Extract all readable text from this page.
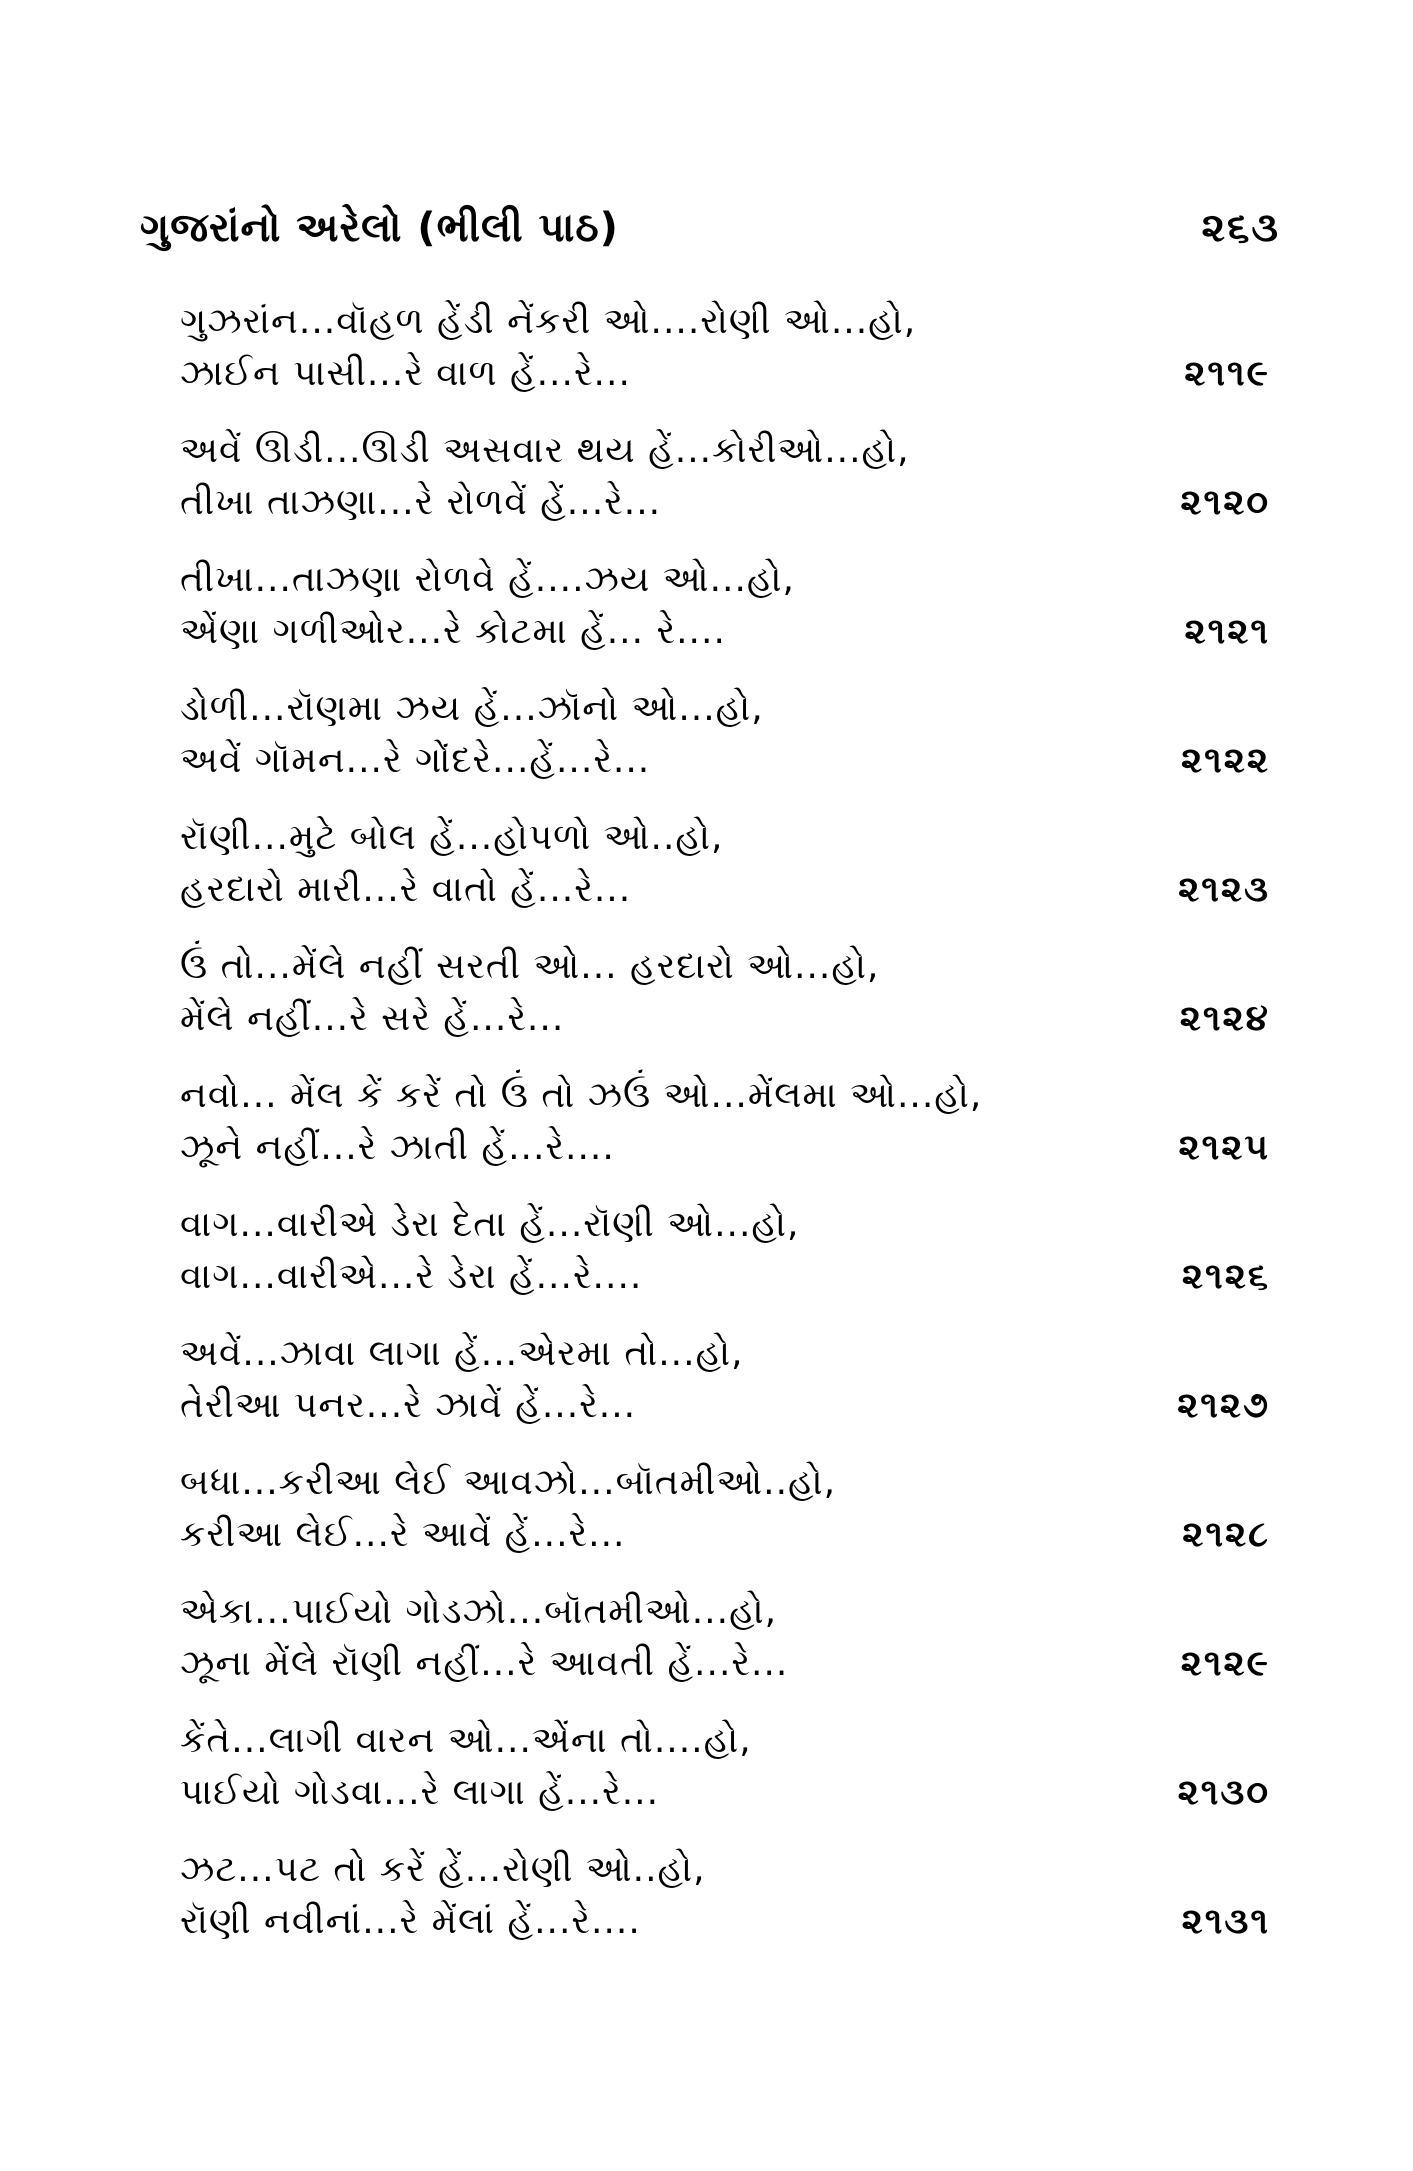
ગુજરાંનો અરેલો (ભીલી પાઠ)	૨૬૩
ગુઝરાંન...વૉહળ હેંડી નેંકરી ઓ....રોણી ઓ...હો,
ઝાઈન પાસી...રે વાળ હેં...રે...	૨૧૧૯
અવેં ઊડી...ઊડી અસવાર થય હેં...કોરીઓ...હો,
તીખા તાઝણા...રે રોળવેં હેં...રે...	૨૧૨૦
તીખા...તાઝણા રોળવે હેં....ઝય ઓ...હો,
એંણા ગળીઓર...રે કોટમા હેં... રે....	૨૧૨૧
ડોળી...રૉણમા ઝય હેં...ઝૉનો ઓ...હો,
અવેં ગૉમન...રે ગોંદરે...હેં...રે...	૨૧૨૨
રૉણી...મુટે બોલ હેં...હોપળો ઓ..હો,
હરદારો મારી...રે વાતો હેં...રે...	૨૧૨૩
ઉં તો...મેંલે નહીં સરતી ઓ... હરદારો ઓ...હો,
મેંલે નહીં...રે સરે હેં...રે...	૨૧૨૪
નવો... મેંલ કેં કરેં તો ઉં તો ઝઉં ઓ...મેંલમા ઓ...હો,
ઝૂને નહીં...રે ઝાતી હેં...રે....	૨૧૨૫
વાગ...વારીએ ડેરા દેતા હેં...રૉણી ઓ...હો,
વાગ...વારીએ...રે ડેરા હેં...રે....	૨૧૨૬
અવેં...ઝાવા લાગા હેં...એરમા તો...હો,
તેરીઆ પનર...રે ઝાવેં હેં...રે...	૨૧૨૭
બધા...કરીઆ લેઈ આવઝો...બૉતમીઓ..હો,
કરીઆ લેઈ...રે આવેં હેં...રે...	૨૧૨૮
એકા...પાઈયો ગોડઝો...બૉતમીઓ...હો,
ઝૂના મેંલે રૉણી નહીં...રે આવતી હેં...રે...	૨૧૨૯
કેંતે...લાગી વારન ઓ...એંના તો....હો,
પાઈયો ગોડવા...રે લાગા હેં...રે...	૨૧૩૦
ઝટ...પટ તો કરેં હેં...રોણી ઓ..હો,
રૉણી નવીનાં...રે મેંલાં હેં...રે....	૨૧૩૧
